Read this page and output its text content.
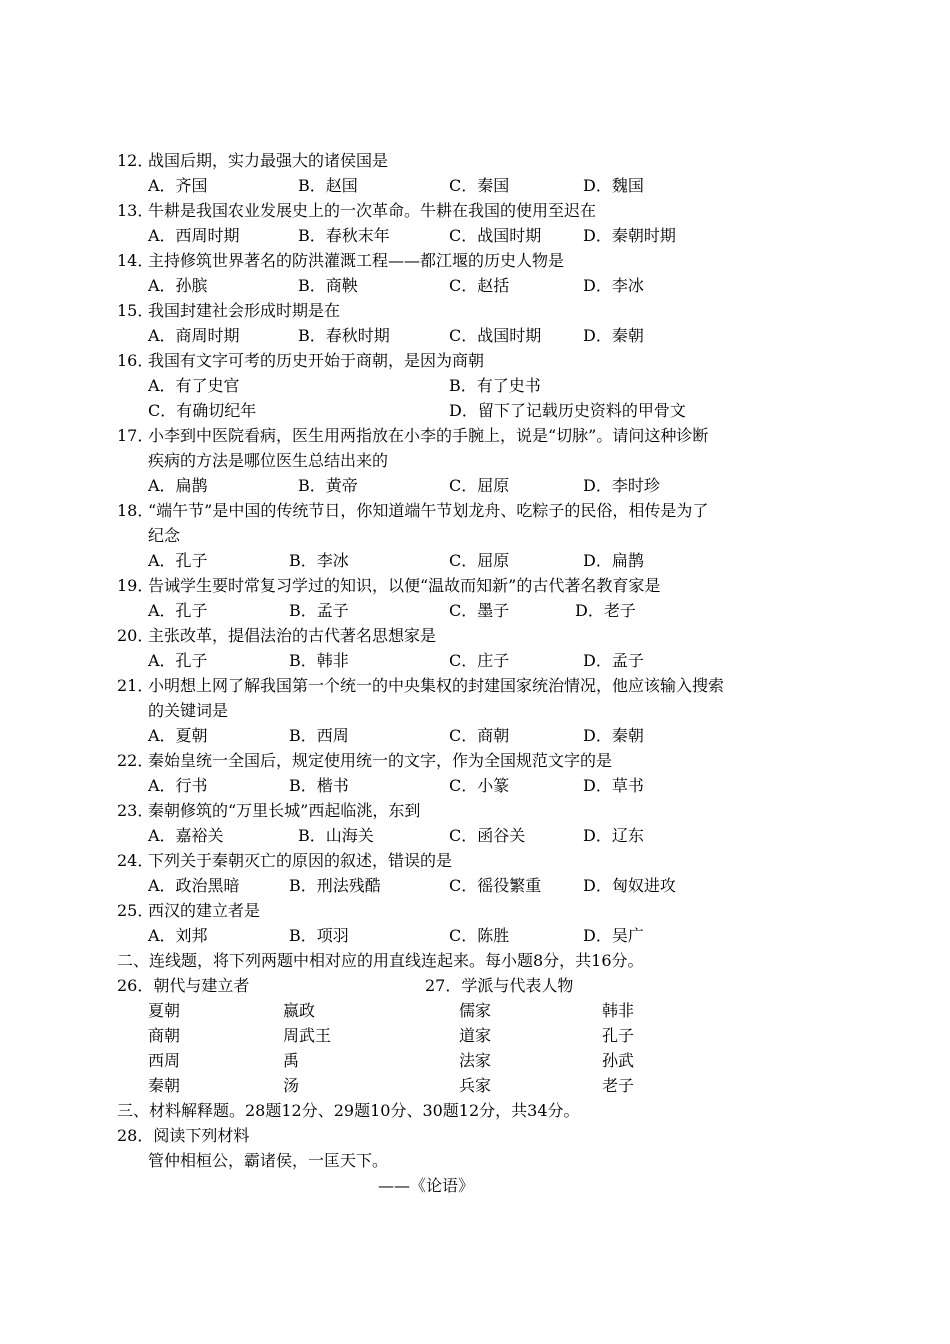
12．
战国后期，实力最强大的诸侯国是
A．齐国	B．赵国	C．秦国	D．魏国
13．
牛耕是我国农业发展史上的一次革命。牛耕在我国的使用至迟在
A．西周时期	B．春秋末年	C．战国时期	D．秦朝时期
14．
主持修筑世界著名的防洪灌溉工程——都江堰的历史人物是
A．孙膑	B．商鞅	C．赵括	D．李冰
15．
我国封建社会形成时期是在
A．商周时期	B．春秋时期	C．战国时期	D．秦朝
16．
我国有文字可考的历史开始于商朝，是因为商朝
A．有了史官	B．有了史书
C．有确切纪年	D．留下了记载历史资料的甲骨文
17．
小李到中医院看病，医生用两指放在小李的手腕上，说是“切脉”。请问这种诊断
疾病的方法是哪位医生总结出来的
A．扁鹊	B．黄帝	C．屈原	D．李时珍
18．
“端午节”是中国的传统节日，你知道端午节划龙舟、吃粽子的民俗，相传是为了
纪念
A．孔子	B．李冰	C．屈原	D．扁鹊
19．
告诫学生要时常复习学过的知识，以便“温故而知新”的古代著名教育家是
A．孔子	B．孟子	C．墨子	D．老子
20．
主张改革，提倡法治的古代著名思想家是
A．孔子	B．韩非	C．庄子	D．孟子
21．
小明想上网了解我国第一个统一的中央集权的封建国家统治情况，他应该输入搜索
的关键词是
A．夏朝	B．西周	C．商朝	D．秦朝
22．
秦始皇统一全国后，规定使用统一的文字，作为全国规范文字的是
A．行书	B．楷书	C．小篆	D．草书
23．
秦朝修筑的“万里长城”西起临洮，东到
A．嘉裕关	B．山海关	C．函谷关	D．辽东
24．
下列关于秦朝灭亡的原因的叙述，错误的是
A．政治黑暗	B．刑法残酷	C．徭役繁重	D．匈奴进攻
25．
西汉的建立者是
A．刘邦	B．项羽	C．陈胜	D．吴广
二、连线题，将下列两题中相对应的用直线连起来。每小题8分，共16分。
26．朝代与建立者	27．学派与代表人物
夏朝	嬴政	儒家	韩非
商朝	周武王	道家	孔子
西周	禹	法家	孙武
秦朝	汤	兵家	老子
三、材料解释题。28题12分、29题10分、30题12分，共34分。
28．阅读下列材料
管仲相桓公，霸诸侯，一匡天下。
——《论语》
